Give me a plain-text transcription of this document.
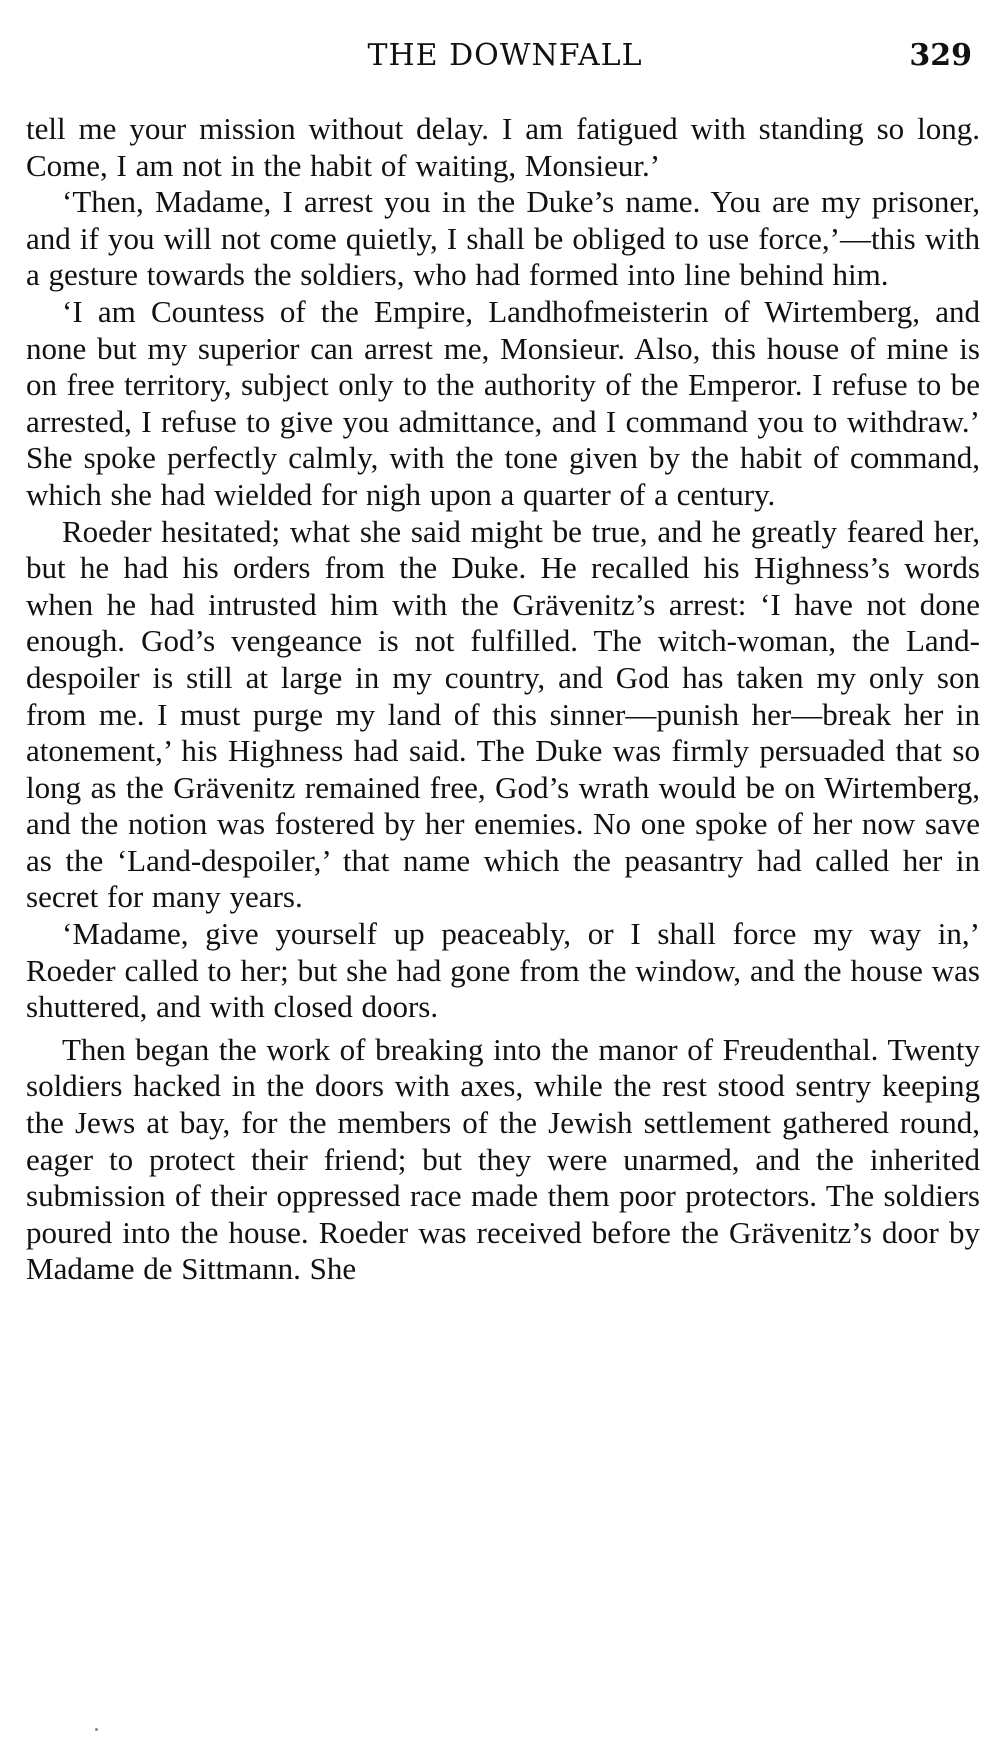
THE DOWNFALL	329

tell me your mission without delay. I am fatigued with standing so long. Come, I am not in the habit of waiting, Monsieur.’

‘Then, Madame, I arrest you in the Duke’s name. You are my prisoner, and if you will not come quietly, I shall be obliged to use force,’—this with a gesture towards the soldiers, who had formed into line behind him.

‘I am Countess of the Empire, Landhofmeisterin of Wirtemberg, and none but my superior can arrest me, Monsieur. Also, this house of mine is on free territory, subject only to the authority of the Emperor. I refuse to be arrested, I refuse to give you admittance, and I command you to withdraw.’ She spoke perfectly calmly, with the tone given by the habit of command, which she had wielded for nigh upon a quarter of a century.

Roeder hesitated; what she said might be true, and he greatly feared her, but he had his orders from the Duke. He recalled his Highness’s words when he had intrusted him with the Grävenitz’s arrest: ‘I have not done enough. God’s vengeance is not fulfilled. The witch-woman, the Land-despoiler is still at large in my country, and God has taken my only son from me. I must purge my land of this sinner—punish her—break her in atonement,’ his Highness had said. The Duke was firmly persuaded that so long as the Grävenitz remained free, God’s wrath would be on Wirtemberg, and the notion was fostered by her enemies. No one spoke of her now save as the ‘Land-despoiler,’ that name which the peasantry had called her in secret for many years.

‘Madame, give yourself up peaceably, or I shall force my way in,’ Roeder called to her; but she had gone from the window, and the house was shuttered, and with closed doors.

Then began the work of breaking into the manor of Freudenthal. Twenty soldiers hacked in the doors with axes, while the rest stood sentry keeping the Jews at bay, for the members of the Jewish settlement gathered round, eager to protect their friend; but they were unarmed, and the inherited submission of their oppressed race made them poor protectors. The soldiers poured into the house. Roeder was received before the Grävenitz’s door by Madame de Sittmann. She
